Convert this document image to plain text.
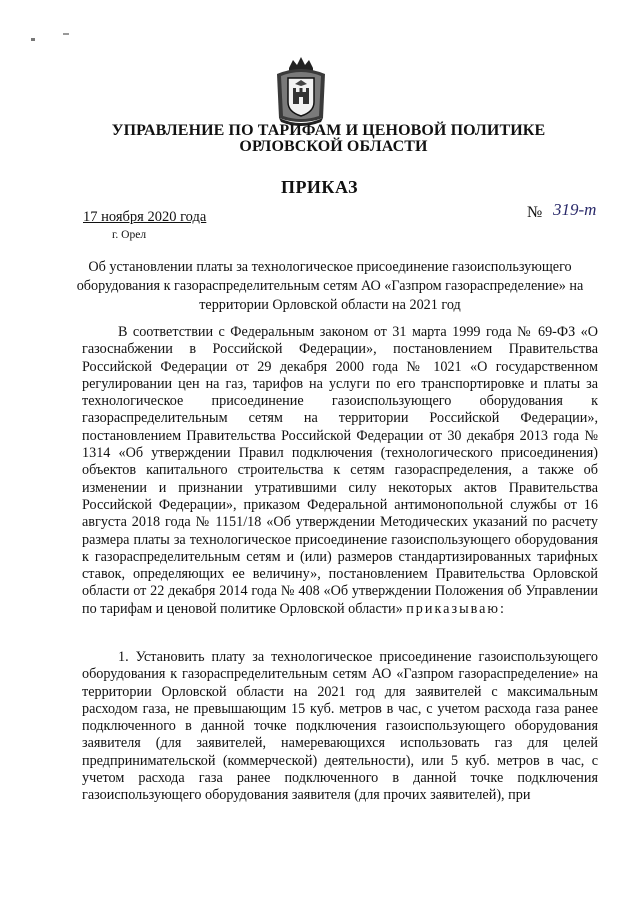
УПРАВЛЕНИЕ ПО ТАРИФАМ И ЦЕНОВОЙ ПОЛИТИКЕ
ОРЛОВСКОЙ ОБЛАСТИ
ПРИКАЗ
17 ноября 2020 года
г. Орел
№ 319-т
Об установлении платы за технологическое присоединение газоиспользующего оборудования к газораспределительным сетям АО «Газпром газораспределение» на территории Орловской области на 2021 год
В соответствии с Федеральным законом от 31 марта 1999 года № 69-ФЗ «О газоснабжении в Российской Федерации», постановлением Правительства Российской Федерации от 29 декабря 2000 года № 1021 «О государственном регулировании цен на газ, тарифов на услуги по его транспортировке и платы за технологическое присоединение газоиспользующего оборудования к газораспределительным сетям на территории Российской Федерации», постановлением Правительства Российской Федерации от 30 декабря 2013 года № 1314 «Об утверждении Правил подключения (технологического присоединения) объектов капитального строительства к сетям газораспределения, а также об изменении и признании утратившими силу некоторых актов Правительства Российской Федерации», приказом Федеральной антимонопольной службы от 16 августа 2018 года № 1151/18 «Об утверждении Методических указаний по расчету размера платы за технологическое присоединение газоиспользующего оборудования к газораспределительным сетям и (или) размеров стандартизированных тарифных ставок, определяющих ее величину», постановлением Правительства Орловской области от 22 декабря 2014 года № 408 «Об утверждении Положения об Управлении по тарифам и ценовой политике Орловской области» приказываю:
1. Установить плату за технологическое присоединение газоиспользующего оборудования к газораспределительным сетям АО «Газпром газораспределение» на территории Орловской области на 2021 год для заявителей с максимальным расходом газа, не превышающим 15 куб. метров в час, с учетом расхода газа ранее подключенного в данной точке подключения газоиспользующего оборудования заявителя (для заявителей, намеревающихся использовать газ для целей предпринимательской (коммерческой) деятельности), или 5 куб. метров в час, с учетом расхода газа ранее подключенного в данной точке подключения газоиспользующего оборудования заявителя (для прочих заявителей), при
